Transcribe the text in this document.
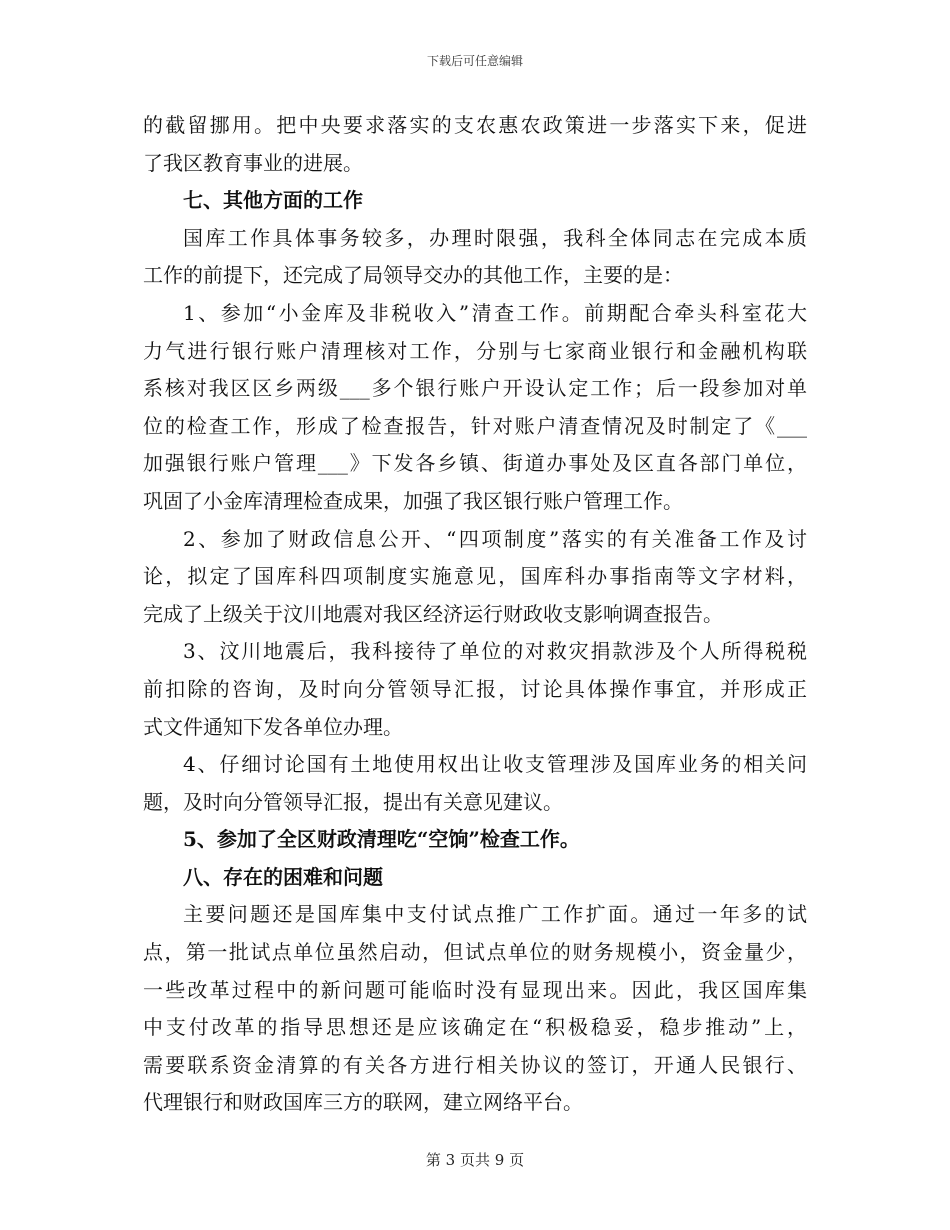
下载后可任意编辑
的截留挪用。把中央要求落实的支农惠农政策进一步落实下来，促进
了我区教育事业的进展。
七、其他方面的工作
国库工作具体事务较多，办理时限强，我科全体同志在完成本质
工作的前提下，还完成了局领导交办的其他工作，主要的是：
1、参加“小金库及非税收入”清查工作。前期配合牵头科室花大
力气进行银行账户清理核对工作，分别与七家商业银行和金融机构联
系核对我区区乡两级___多个银行账户开设认定工作；后一段参加对单
位的检查工作，形成了检查报告，针对账户清查情况及时制定了《___
加强银行账户管理___》下发各乡镇、街道办事处及区直各部门单位，
巩固了小金库清理检查成果，加强了我区银行账户管理工作。
2、参加了财政信息公开、“四项制度”落实的有关准备工作及讨
论，拟定了国库科四项制度实施意见，国库科办事指南等文字材料，
完成了上级关于汶川地震对我区经济运行财政收支影响调查报告。
3、汶川地震后，我科接待了单位的对救灾捐款涉及个人所得税税
前扣除的咨询，及时向分管领导汇报，讨论具体操作事宜，并形成正
式文件通知下发各单位办理。
4、仔细讨论国有土地使用权出让收支管理涉及国库业务的相关问
题，及时向分管领导汇报，提出有关意见建议。
5、参加了全区财政清理吃“空饷”检查工作。
八、存在的困难和问题
主要问题还是国库集中支付试点推广工作扩面。通过一年多的试
点，第一批试点单位虽然启动，但试点单位的财务规模小，资金量少，
一些改革过程中的新问题可能临时没有显现出来。因此，我区国库集
中支付改革的指导思想还是应该确定在“积极稳妥，稳步推动”上，
需要联系资金清算的有关各方进行相关协议的签订，开通人民银行、
代理银行和财政国库三方的联网，建立网络平台。
第 3 页共 9 页
